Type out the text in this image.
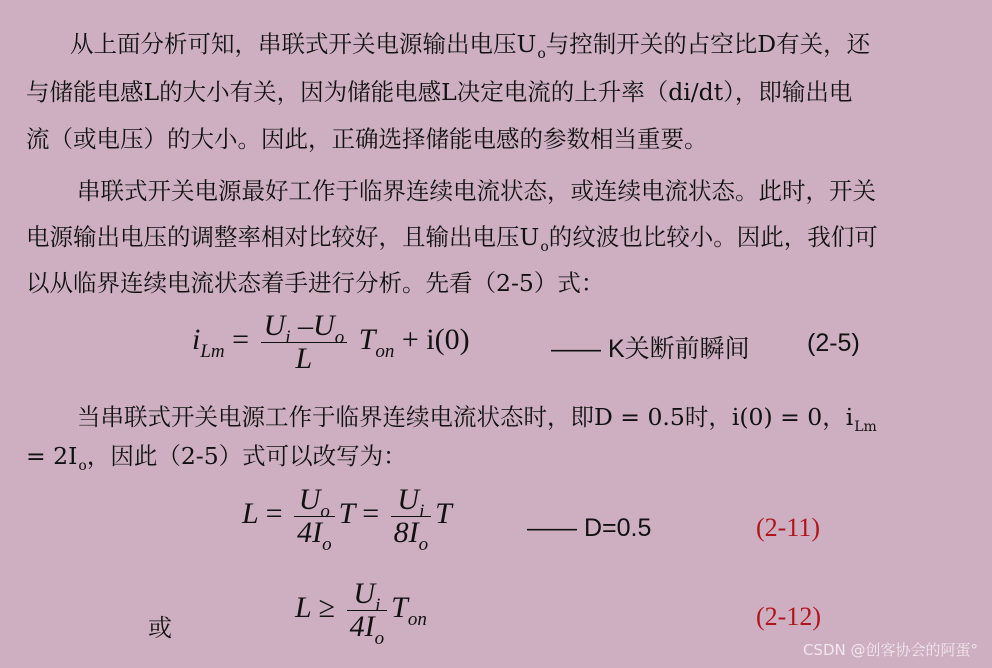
从上面分析可知，串联式开关电源输出电压$U_o$与控制开关的占空比D有关，还
与储能电感L的大小有关，因为储能电感L决定电流的上升率（di/dt），即输出电
流（或电压）的大小。因此，正确选择储能电感的参数相当重要。
串联式开关电源最好工作于临界连续电流状态，或连续电流状态。此时，开关
电源输出电压的调整率相对比较好，且输出电压$U_o$的纹波也比较小。因此，我们可
以从临界连续电流状态着手进行分析。先看（2-5）式：
$i_{Lm} = \frac{U_i -U_o}{L} T_{on} + i(0)$	—— K关断前瞬间 (2-5)
当串联式开关电源工作于临界连续电流状态时，即D = 0.5时，i(0) = 0，$i_{Lm}$
= $2I_o$，因此（2-5）式可以改写为：
$L = \frac{U_o}{4I_o}$ $T = \frac{U_i}{8I_o}$ T	—— D=0.5	(2-11)
或
$L \ge \frac{U_i}{4I_o} T_{on}$	(2-12)
CSDN @创客协会的阿蛋°
